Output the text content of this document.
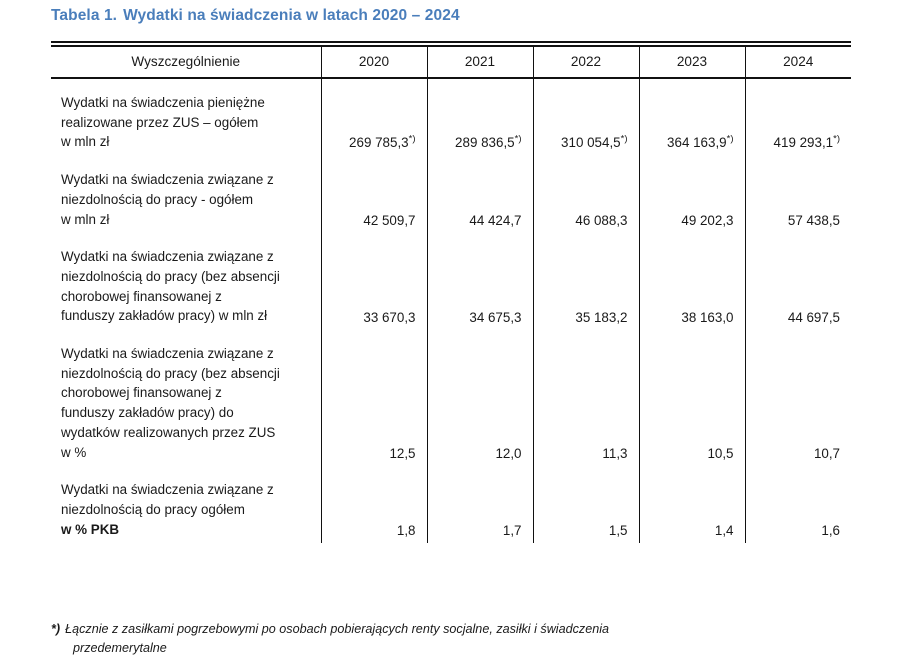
Tabela 1. Wydatki na świadczenia w latach 2020 – 2024
Wyszczególnienie	2020	2021	2022	2023	2024

Wydatki na świadczenia pieniężne
realizowane przez ZUS – ogółem
w mln zł	269 785,3*)	289 836,5*)	310 054,5*)	364 163,9*)	419 293,1*)

Wydatki na świadczenia związane z
niezdolnością do pracy - ogółem
w mln zł	42 509,7	44 424,7	46 088,3	49 202,3	57 438,5

Wydatki na świadczenia związane z
niezdolnością do pracy (bez absencji
chorobowej finansowanej z
funduszy zakładów pracy) w mln zł	33 670,3	34 675,3	35 183,2	38 163,0	44 697,5

Wydatki na świadczenia związane z
niezdolnością do pracy (bez absencji
chorobowej finansowanej z
funduszy zakładów pracy) do
wydatków realizowanych przez ZUS
w %	12,5	12,0	11,3	10,5	10,7

Wydatki na świadczenia związane z
niezdolnością do pracy ogółem
w % PKB	1,8	1,7	1,5	1,4	1,6
*) Łącznie z zasiłkami pogrzebowymi po osobach pobierających renty socjalne, zasiłki i świadczenia
przedemerytalne
